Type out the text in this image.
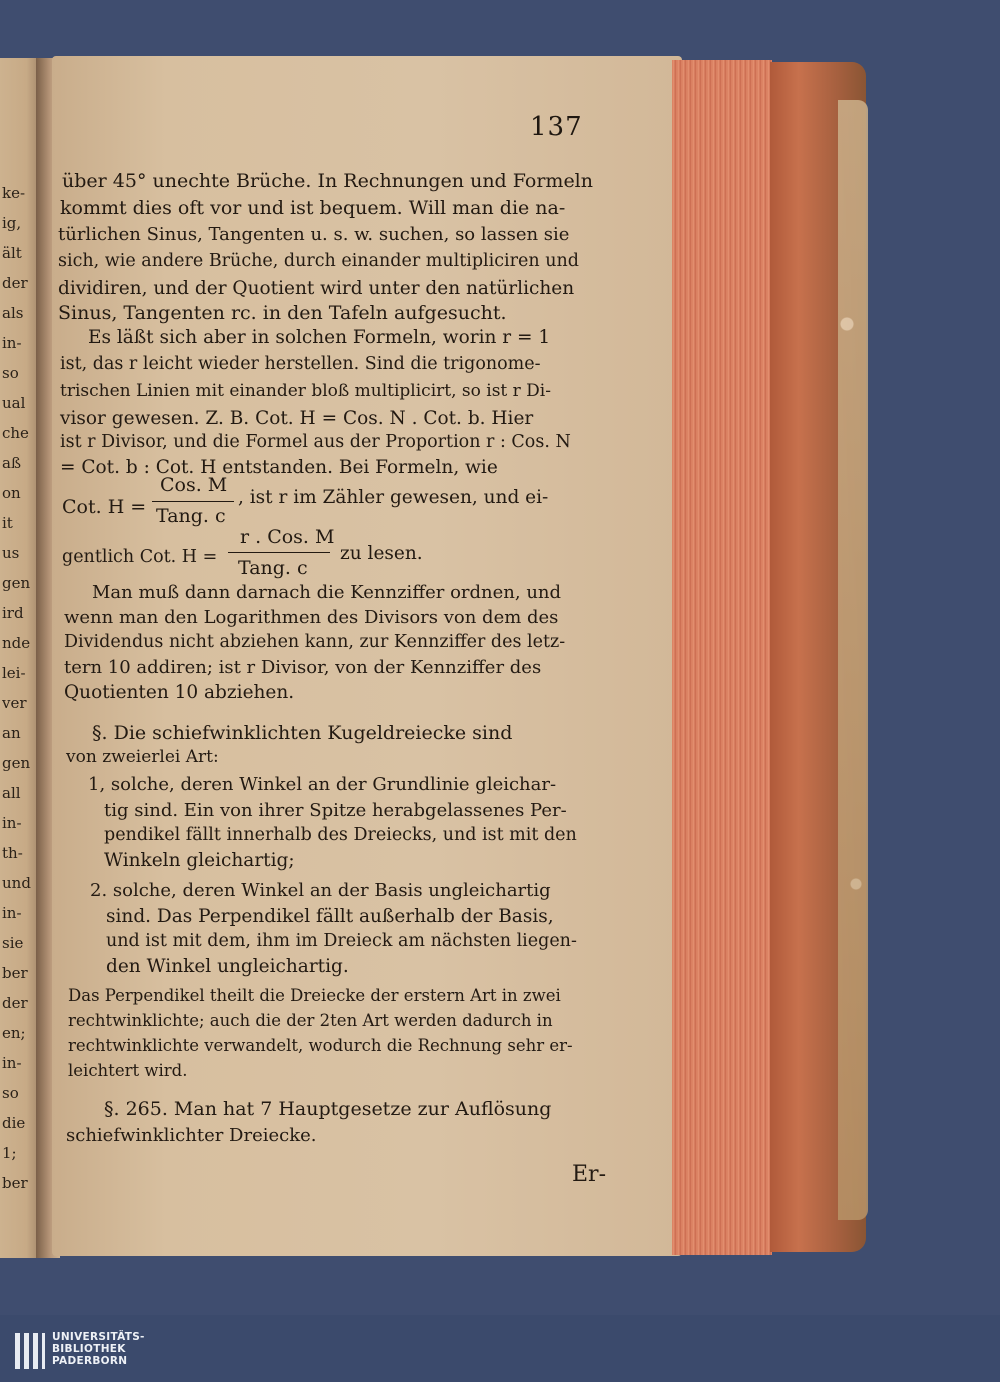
ke-
ig,
ält
der
als
in-
so
ual
che
aß
on
it
us
gen
ird
nde
lei-
ver
an
gen
all
in-
th-
und
in-
sie
ber
der
en;
in-
so
die
1;
ber
137
über 45° unechte Brüche. In Rechnungen und Formeln
kommt dies oft vor und ist bequem. Will man die na-
türlichen Sinus, Tangenten u. s. w. suchen, so lassen sie
sich, wie andere Brüche, durch einander multipliciren und
dividiren, und der Quotient wird unter den natürlichen
Sinus, Tangenten rc. in den Tafeln aufgesucht.
Es läßt sich aber in solchen Formeln, worin r = 1
ist, das r leicht wieder herstellen. Sind die trigonome-
trischen Linien mit einander bloß multiplicirt, so ist r Di-
visor gewesen. Z. B. Cot. H = Cos. N . Cot. b. Hier
ist r Divisor, und die Formel aus der Proportion r : Cos. N
= Cot. b : Cot. H entstanden. Bei Formeln, wie
Cot. H =
Cos. M
Tang. c
, ist r im Zähler gewesen, und ei-
gentlich Cot. H =
r . Cos. M
Tang. c
zu lesen.
Man muß dann darnach die Kennziffer ordnen, und
wenn man den Logarithmen des Divisors von dem des
Dividendus nicht abziehen kann, zur Kennziffer des letz-
tern 10 addiren; ist r Divisor, von der Kennziffer des
Quotienten 10 abziehen.
§. Die schiefwinklichten Kugeldreiecke sind
von zweierlei Art:
1, solche, deren Winkel an der Grundlinie gleichar-
tig sind. Ein von ihrer Spitze herabgelassenes Per-
pendikel fällt innerhalb des Dreiecks, und ist mit den
Winkeln gleichartig;
2. solche, deren Winkel an der Basis ungleichartig
sind. Das Perpendikel fällt außerhalb der Basis,
und ist mit dem, ihm im Dreieck am nächsten liegen-
den Winkel ungleichartig.
Das Perpendikel theilt die Dreiecke der erstern Art in zwei
rechtwinklichte; auch die der 2ten Art werden dadurch in
rechtwinklichte verwandelt, wodurch die Rechnung sehr er-
leichtert wird.
§. 265. Man hat 7 Hauptgesetze zur Auflösung
schiefwinklichter Dreiecke.
Er-
UNIVERSITÄTS-
BIBLIOTHEK
PADERBORN
